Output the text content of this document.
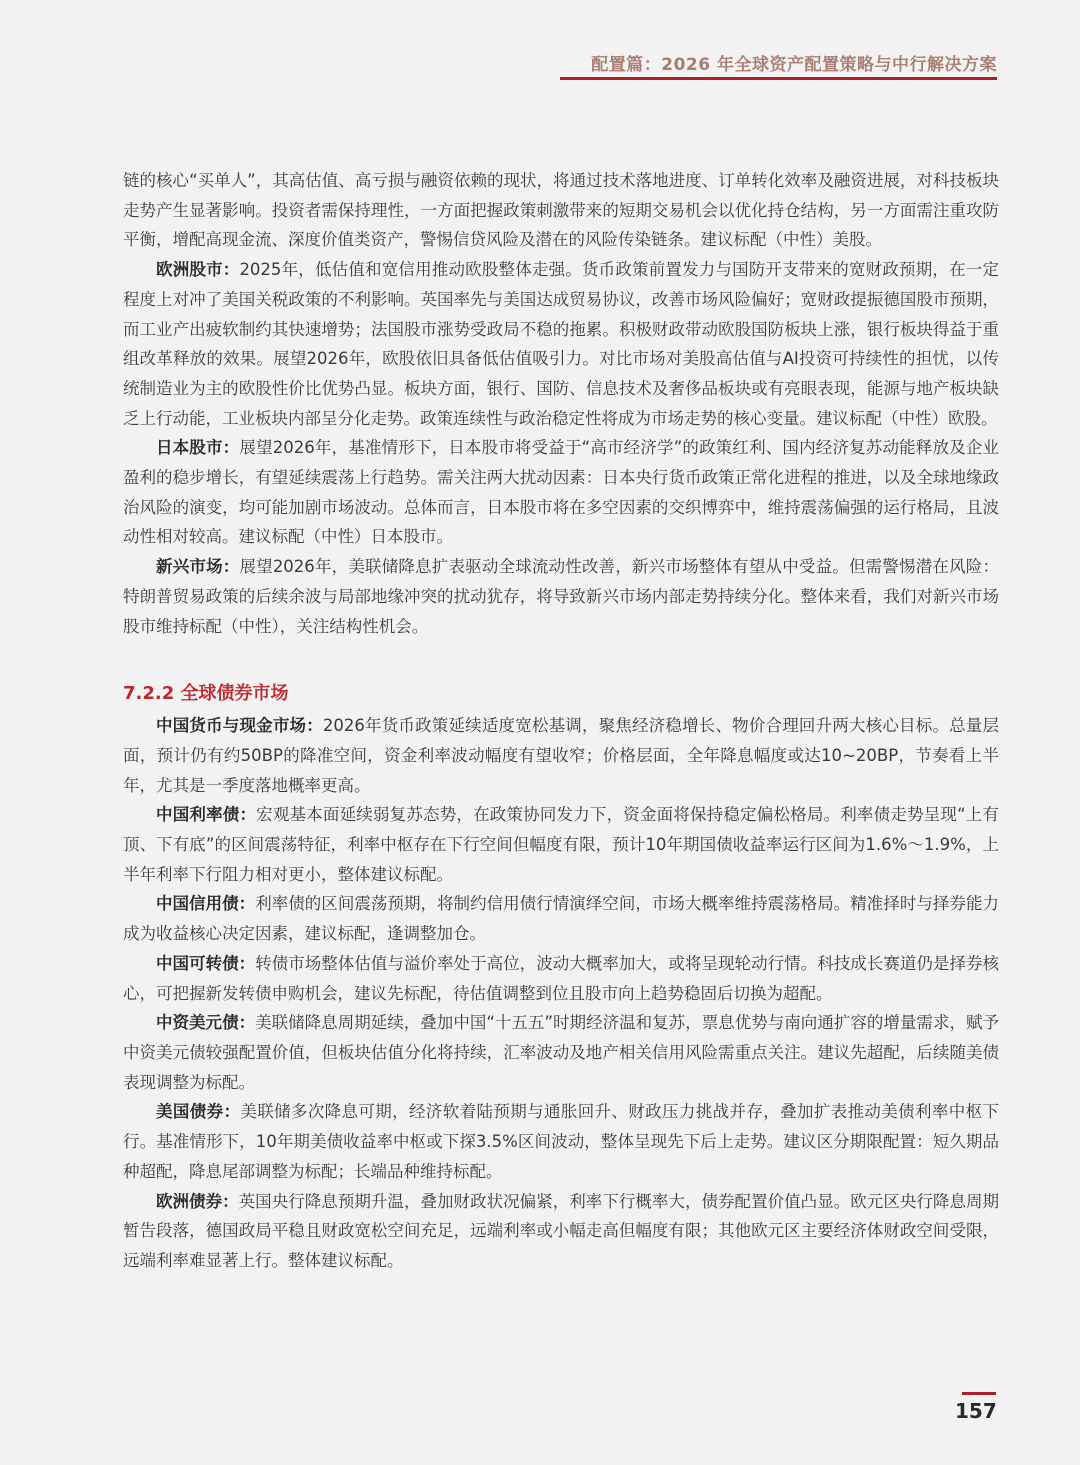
配置篇：2026 年全球资产配置策略与中行解决方案

链的核心“买单人”，其高估值、高亏损与融资依赖的现状，将通过技术落地进度、订单转化效率及融资进展，对科技板块走势产生显著影响。投资者需保持理性，一方面把握政策刺激带来的短期交易机会以优化持仓结构，另一方面需注重攻防平衡，增配高现金流、深度价值类资产，警惕信贷风险及潜在的风险传染链条。建议标配（中性）美股。

欧洲股市：2025年，低估值和宽信用推动欧股整体走强。货币政策前置发力与国防开支带来的宽财政预期，在一定程度上对冲了美国关税政策的不利影响。英国率先与美国达成贸易协议，改善市场风险偏好；宽财政提振德国股市预期，而工业产出疲软制约其快速增势；法国股市涨势受政局不稳的拖累。积极财政带动欧股国防板块上涨，银行板块得益于重组改革释放的效果。展望2026年，欧股依旧具备低估值吸引力。对比市场对美股高估值与AI投资可持续性的担忧，以传统制造业为主的欧股性价比优势凸显。板块方面，银行、国防、信息技术及奢侈品板块或有亮眼表现，能源与地产板块缺乏上行动能，工业板块内部呈分化走势。政策连续性与政治稳定性将成为市场走势的核心变量。建议标配（中性）欧股。

日本股市：展望2026年，基准情形下，日本股市将受益于“高市经济学”的政策红利、国内经济复苏动能释放及企业盈利的稳步增长，有望延续震荡上行趋势。需关注两大扰动因素：日本央行货币政策正常化进程的推进，以及全球地缘政治风险的演变，均可能加剧市场波动。总体而言，日本股市将在多空因素的交织博弈中，维持震荡偏强的运行格局，且波动性相对较高。建议标配（中性）日本股市。

新兴市场：展望2026年，美联储降息扩表驱动全球流动性改善，新兴市场整体有望从中受益。但需警惕潜在风险：特朗普贸易政策的后续余波与局部地缘冲突的扰动犹存，将导致新兴市场内部走势持续分化。整体来看，我们对新兴市场股市维持标配（中性），关注结构性机会。

7.2.2 全球债券市场

中国货币与现金市场：2026年货币政策延续适度宽松基调，聚焦经济稳增长、物价合理回升两大核心目标。总量层面，预计仍有约50BP的降准空间，资金利率波动幅度有望收窄；价格层面，全年降息幅度或达10~20BP，节奏看上半年，尤其是一季度落地概率更高。

中国利率债：宏观基本面延续弱复苏态势，在政策协同发力下，资金面将保持稳定偏松格局。利率债走势呈现“上有顶、下有底”的区间震荡特征，利率中枢存在下行空间但幅度有限，预计10年期国债收益率运行区间为1.6%～1.9%，上半年利率下行阻力相对更小，整体建议标配。

中国信用债：利率债的区间震荡预期，将制约信用债行情演绎空间，市场大概率维持震荡格局。精准择时与择券能力成为收益核心决定因素，建议标配，逢调整加仓。

中国可转债：转债市场整体估值与溢价率处于高位，波动大概率加大，或将呈现轮动行情。科技成长赛道仍是择券核心，可把握新发转债申购机会，建议先标配，待估值调整到位且股市向上趋势稳固后切换为超配。

中资美元债：美联储降息周期延续，叠加中国“十五五”时期经济温和复苏，票息优势与南向通扩容的增量需求，赋予中资美元债较强配置价值，但板块估值分化将持续，汇率波动及地产相关信用风险需重点关注。建议先超配，后续随美债表现调整为标配。

美国债券：美联储多次降息可期，经济软着陆预期与通胀回升、财政压力挑战并存，叠加扩表推动美债利率中枢下行。基准情形下，10年期美债收益率中枢或下探3.5%区间波动，整体呈现先下后上走势。建议区分期限配置：短久期品种超配，降息尾部调整为标配；长端品种维持标配。

欧洲债券：英国央行降息预期升温，叠加财政状况偏紧，利率下行概率大，债券配置价值凸显。欧元区央行降息周期暂告段落，德国政局平稳且财政宽松空间充足，远端利率或小幅走高但幅度有限；其他欧元区主要经济体财政空间受限，远端利率难显著上行。整体建议标配。

157
